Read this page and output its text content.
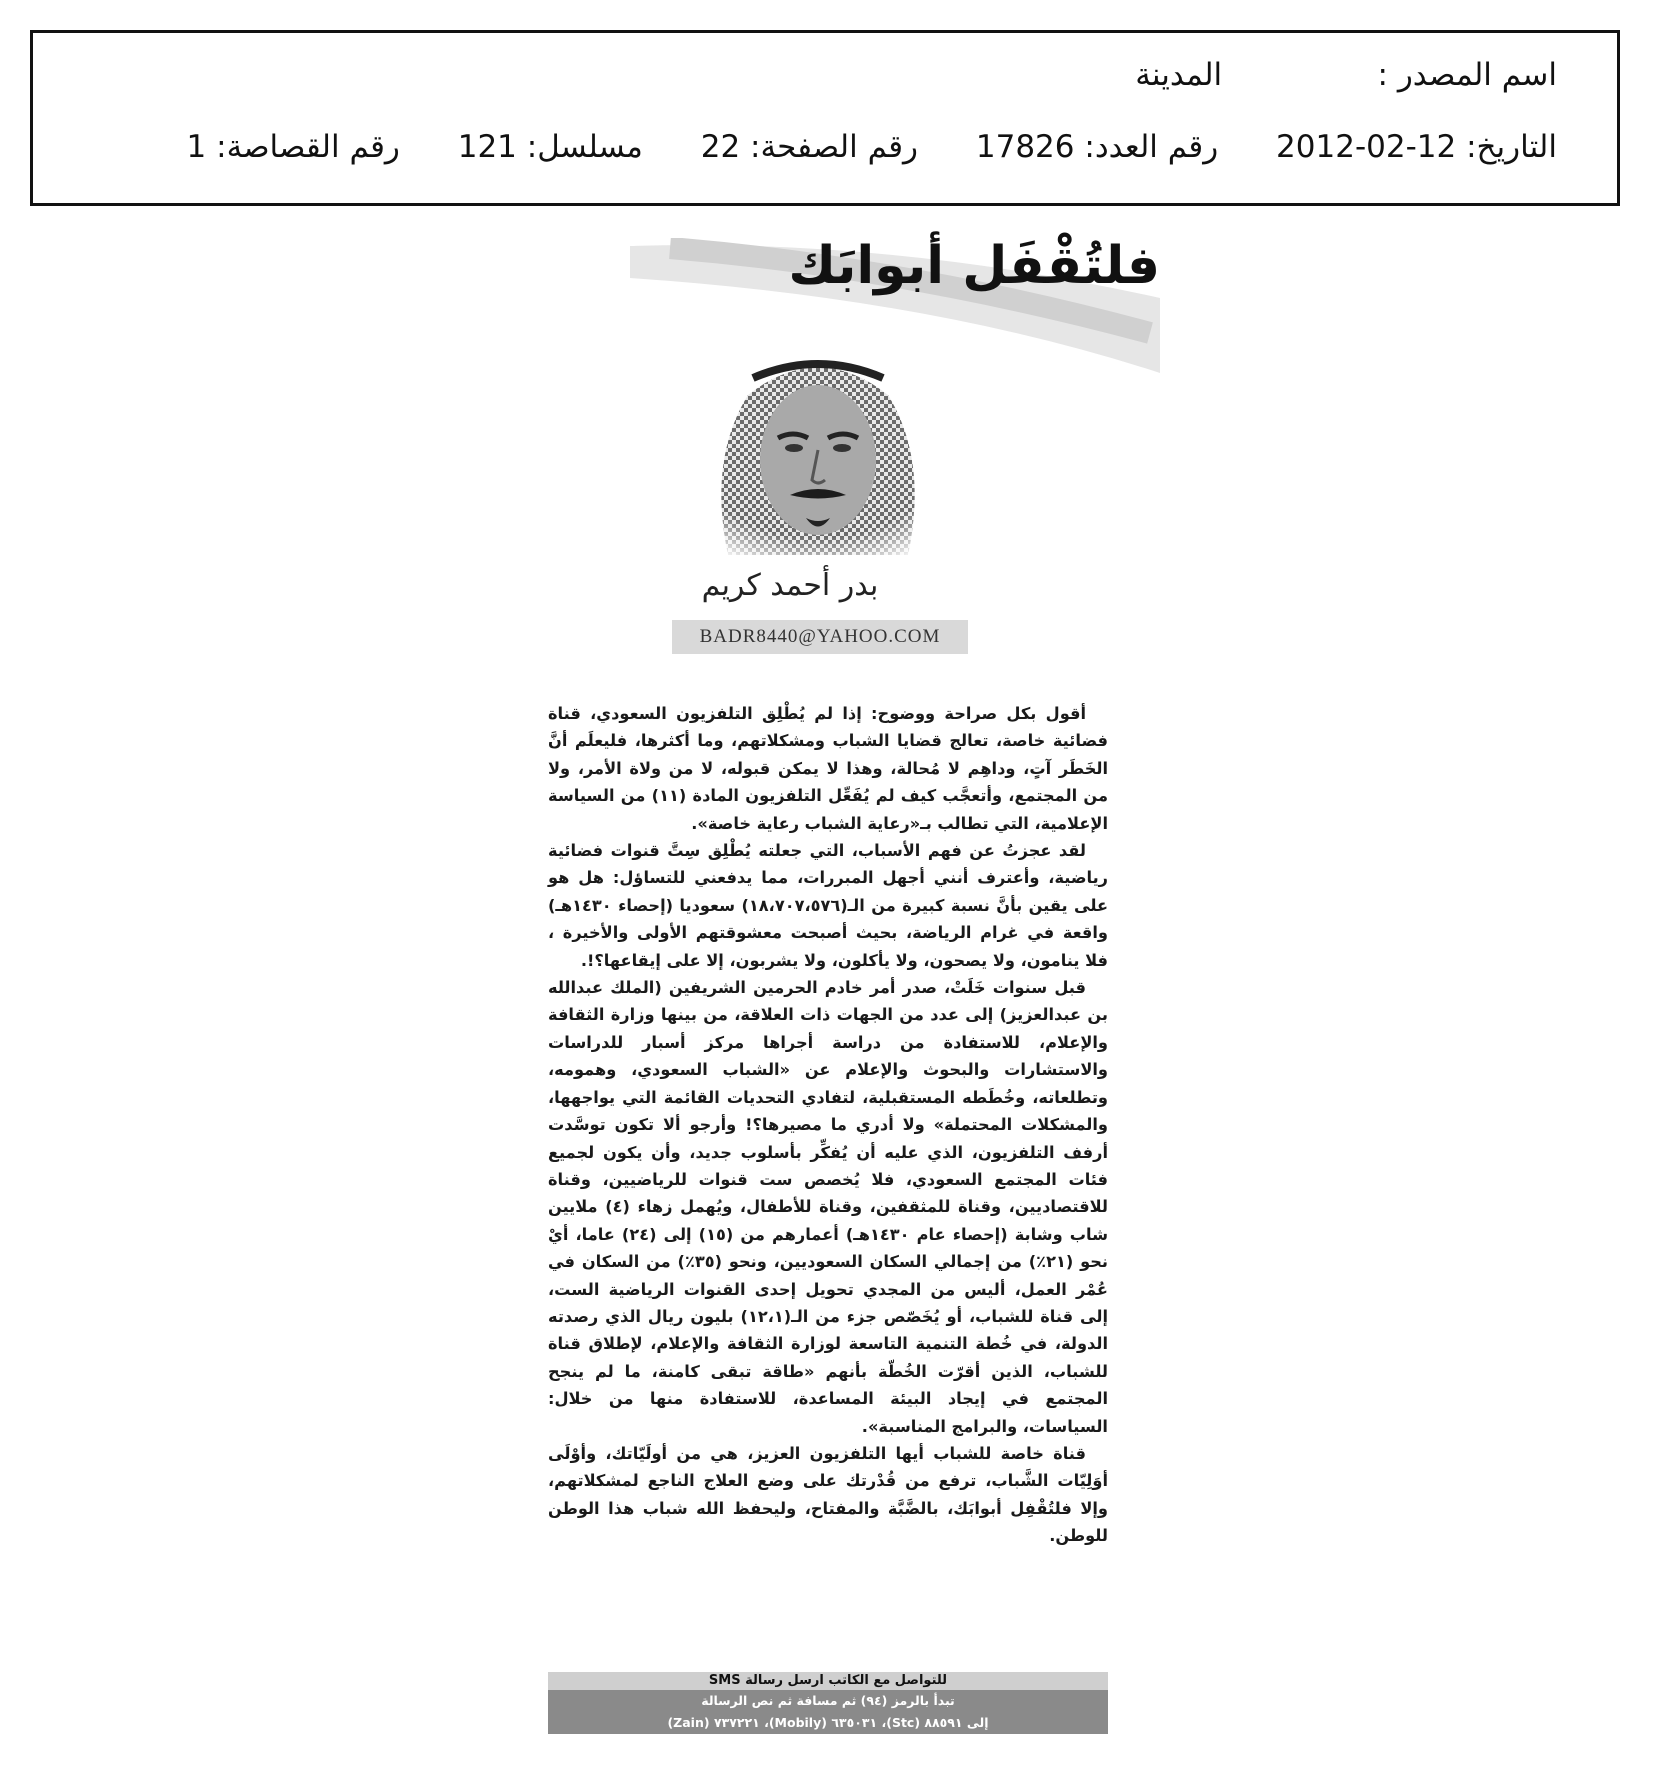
اسم المصدر : المدينة
التاريخ: 2012-02-12 رقم العدد: 17826 رقم الصفحة: 22 مسلسل: 121 رقم القصاصة: 1
فلتُقْفَل أبوابَك
بدر أحمد كريم
BADR8440@YAHOO.COM

أقول بكل صراحة ووضوح: إذا لم يُطْلِق التلفزيون السعودي، قناة فضائية خاصة، تعالج قضايا الشباب ومشكلاتهم، وما أكثرها، فليعلَم أنَّ الخَطَر آتٍ، وداهِم لا مُحالة، وهذا لا يمكن قبوله، لا من ولاة الأمر، ولا من المجتمع، وأتعجَّب كيف لم يُفَعِّل التلفزيون المادة (١١) من السياسة الإعلامية، التي تطالب بـ«رعاية الشباب رعاية خاصة».

لقد عجزتُ عن فهم الأسباب، التي جعلته يُطْلِق سِتَّ قنوات فضائية رياضية، وأعترف أنني أجهل المبررات، مما يدفعني للتساؤل: هل هو على يقين بأنَّ نسبة كبيرة من الـ(١٨،٧٠٧،٥٧٦) سعوديا (إحصاء ١٤٣٠هـ) واقعة في غرام الرياضة، بحيث أصبحت معشوقتهم الأولى والأخيرة ، فلا ينامون، ولا يصحون، ولا يأكلون، ولا يشربون، إلا على إيقاعها؟!.

قبل سنوات خَلَتْ، صدر أمر خادم الحرمين الشريفين (الملك عبدالله بن عبدالعزيز) إلى عدد من الجهات ذات العلاقة، من بينها وزارة الثقافة والإعلام، للاستفادة من دراسة أجراها مركز أسبار للدراسات والاستشارات والبحوث والإعلام عن «الشباب السعودي، وهمومه، وتطلعاته، وخُطَطه المستقبلية، لتفادي التحديات القائمة التي يواجهها، والمشكلات المحتملة» ولا أدري ما مصيرها؟! وأرجو ألا تكون توسَّدت أرفف التلفزيون، الذي عليه أن يُفكِّر بأسلوب جديد، وأن يكون لجميع فئات المجتمع السعودي، فلا يُخصص ست قنوات للرياضيين، وقناة للاقتصاديين، وقناة للمثقفين، وقناة للأطفال، ويُهمل زهاء (٤) ملايين شاب وشابة (إحصاء عام ١٤٣٠هـ) أعمارهم من (١٥) إلى (٢٤) عاما، أيْ نحو (٢١٪) من إجمالي السكان السعوديين، ونحو (٣٥٪) من السكان في عُمْر العمل، أليس من المجدي تحويل إحدى القنوات الرياضية الست، إلى قناة للشباب، أو يُخَصّص جزء من الـ(١٢،١) بليون ريال الذي رصدته الدولة، في خُطة التنمية التاسعة لوزارة الثقافة والإعلام، لإطلاق قناة للشباب، الذين أقرّت الخُطّة بأنهم «طاقة تبقى كامنة، ما لم ينجح المجتمع في إيجاد البيئة المساعدة، للاستفادة منها من خلال: السياسات، والبرامج المناسبة».

قناة خاصة للشباب أيها التلفزيون العزيز، هي من أولَيّاتك، وأوْلَى أوَلِيّات الشَّباب، ترفع من قُدْرتك على وضع العلاج الناجع لمشكلاتهم، وإلا فلتُقْفِل أبوابَك، بالضَّبَّة والمفتاح، وليحفظ الله شباب هذا الوطن للوطن.

للتواصل مع الكاتب ارسل رسالة SMS
تبدأ بالرمز (٩٤) ثم مسافة ثم نص الرسالة
إلى ٨٨٥٩١ (Stc)، ٦٣٥٠٣١ (Mobily)، ٧٣٧٢٢١ (Zain)
